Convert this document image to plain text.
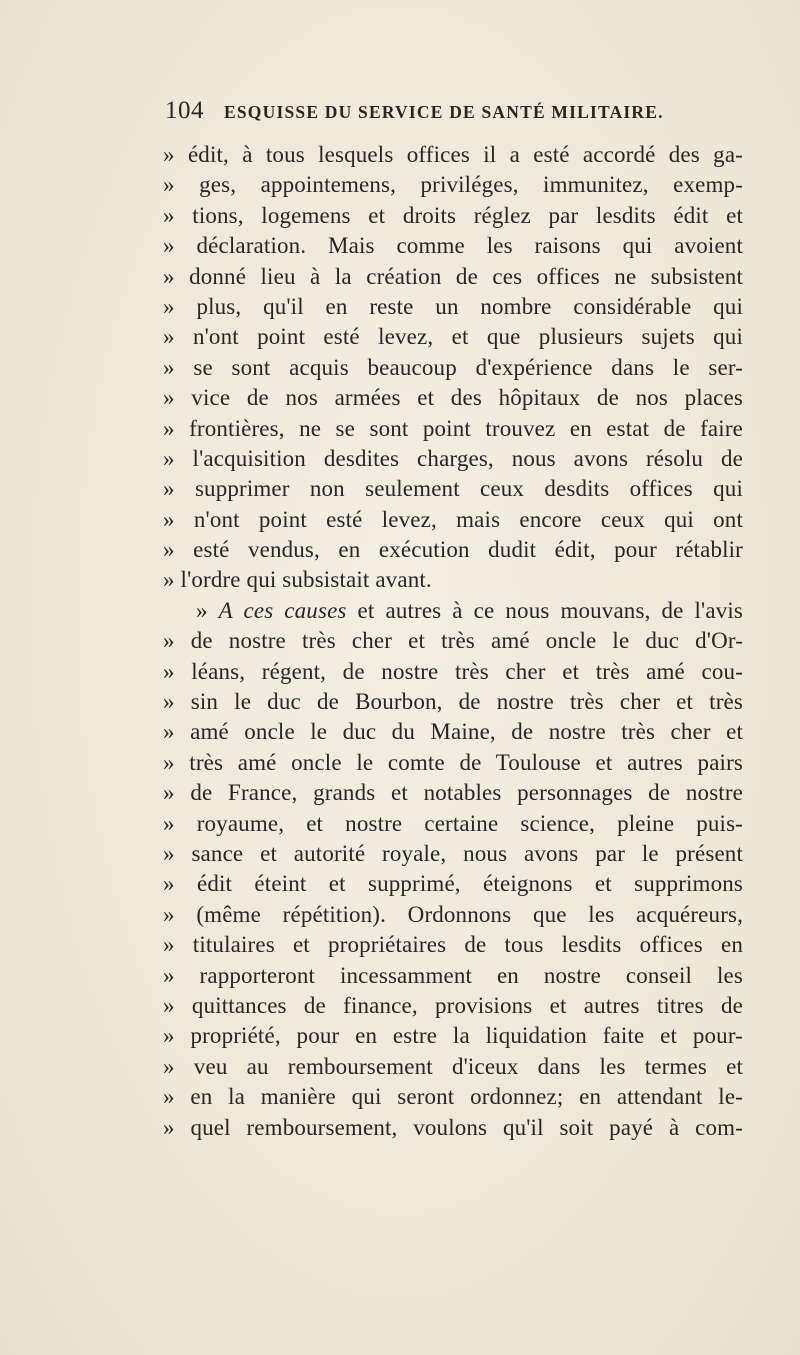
104 ESQUISSE DU SERVICE DE SANTÉ MILITAIRE.
» édit, à tous lesquels offices il a esté accordé des ga-
» ges, appointemens, priviléges, immunitez, exemp-
» tions, logemens et droits réglez par lesdits édit et
» déclaration. Mais comme les raisons qui avoient
» donné lieu à la création de ces offices ne subsistent
» plus, qu'il en reste un nombre considérable qui
» n'ont point esté levez, et que plusieurs sujets qui
» se sont acquis beaucoup d'expérience dans le ser-
» vice de nos armées et des hôpitaux de nos places
» frontières, ne se sont point trouvez en estat de faire
» l'acquisition desdites charges, nous avons résolu de
» supprimer non seulement ceux desdits offices qui
» n'ont point esté levez, mais encore ceux qui ont
» esté vendus, en exécution dudit édit, pour rétablir
» l'ordre qui subsistait avant.
» A ces causes et autres à ce nous mouvans, de l'avis
» de nostre très cher et très amé oncle le duc d'Or-
» léans, régent, de nostre très cher et très amé cou-
» sin le duc de Bourbon, de nostre très cher et très
» amé oncle le duc du Maine, de nostre très cher et
» très amé oncle le comte de Toulouse et autres pairs
» de France, grands et notables personnages de nostre
» royaume, et nostre certaine science, pleine puis-
» sance et autorité royale, nous avons par le présent
» édit éteint et supprimé, éteignons et supprimons
» (même répétition). Ordonnons que les acquéreurs,
» titulaires et propriétaires de tous lesdits offices en
» rapporteront incessamment en nostre conseil les
» quittances de finance, provisions et autres titres de
» propriété, pour en estre la liquidation faite et pour-
» veu au remboursement d'iceux dans les termes et
» en la manière qui seront ordonnez; en attendant le-
» quel remboursement, voulons qu'il soit payé à com-
